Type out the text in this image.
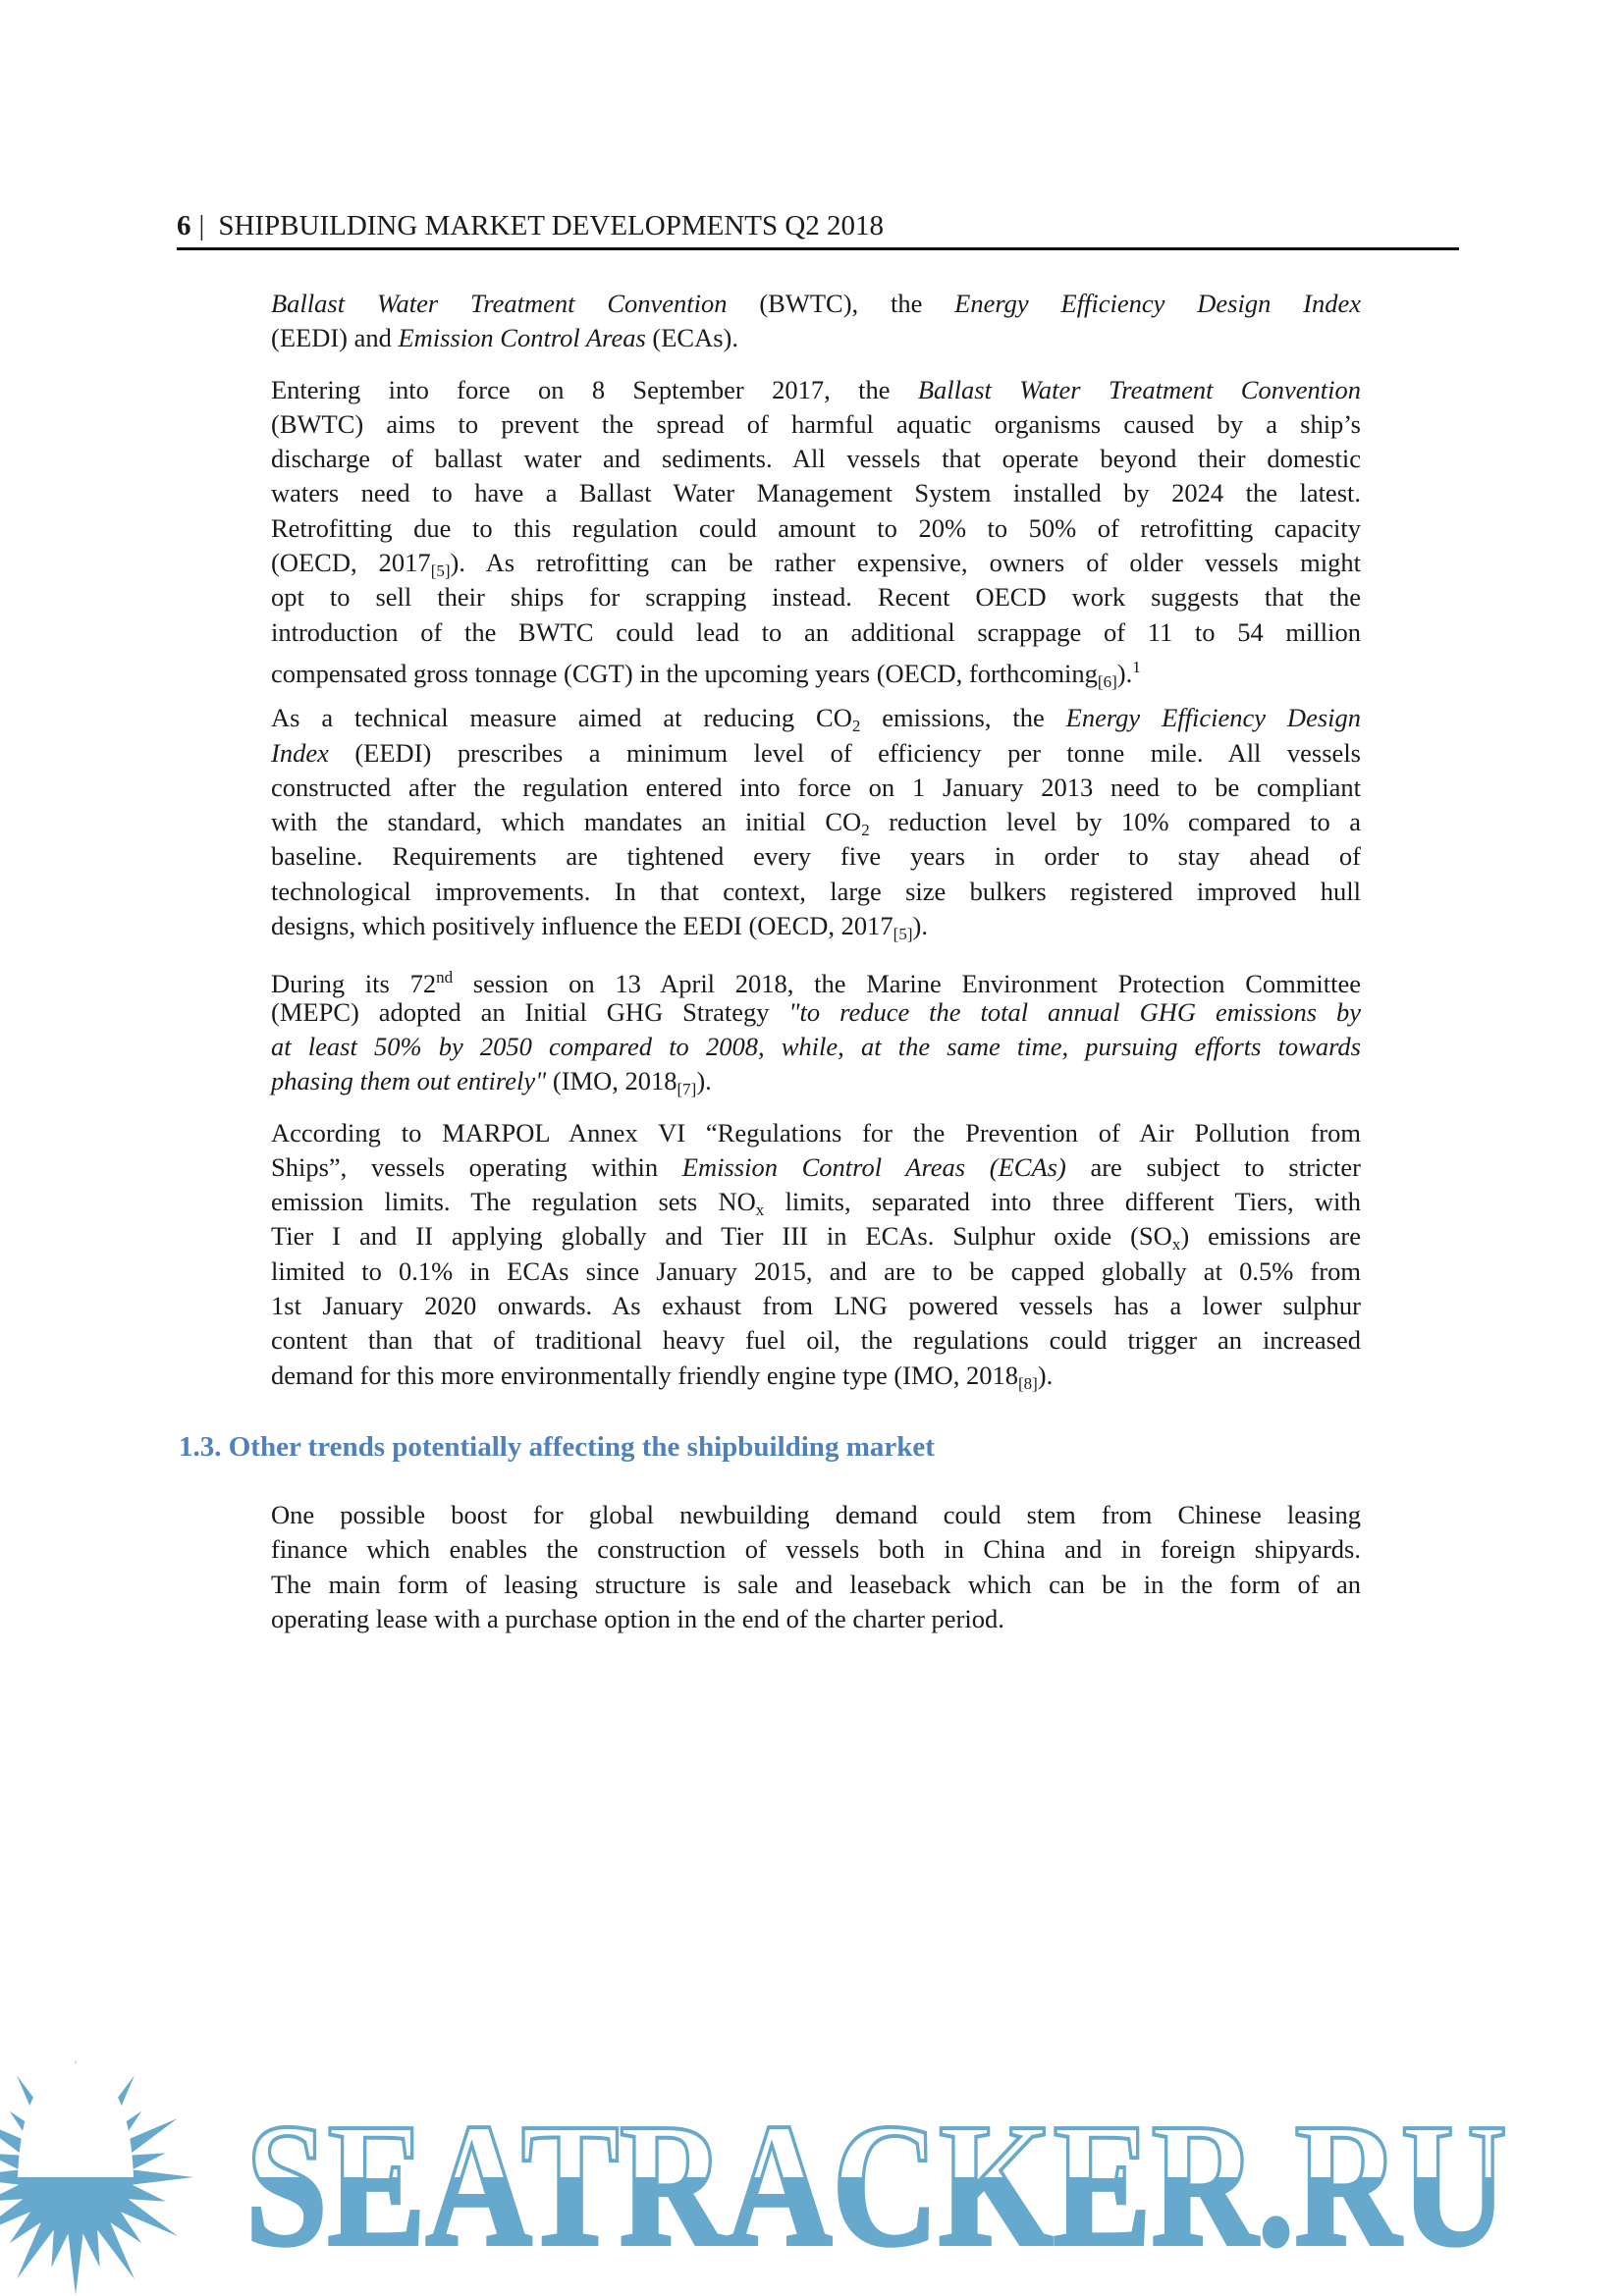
6 | SHIPBUILDING MARKET DEVELOPMENTS Q2 2018
Ballast Water Treatment Convention (BWTC), the Energy Efficiency Design Index
(EEDI) and Emission Control Areas (ECAs).
Entering into force on 8 September 2017, the Ballast Water Treatment Convention
(BWTC) aims to prevent the spread of harmful aquatic organisms caused by a ship’s
discharge of ballast water and sediments. All vessels that operate beyond their domestic
waters need to have a Ballast Water Management System installed by 2024 the latest.
Retrofitting due to this regulation could amount to 20% to 50% of retrofitting capacity
(OECD, $2017_{[5]}$). As retrofitting can be rather expensive, owners of older vessels might
opt to sell their ships for scrapping instead. Recent OECD work suggests that the
introduction of the BWTC could lead to an additional scrappage of 11 to 54 million
compensated gross tonnage (CGT) in the upcoming years (OECD, forthcoming$_{[6]}$).$^1$
As a technical measure aimed at reducing $CO_2$ emissions, the Energy Efficiency Design
Index (EEDI) prescribes a minimum level of efficiency per tonne mile. All vessels
constructed after the regulation entered into force on 1 January 2013 need to be compliant
with the standard, which mandates an initial $CO_2$ reduction level by 10% compared to a
baseline. Requirements are tightened every five years in order to stay ahead of
technological improvements. In that context, large size bulkers registered improved hull
designs, which positively influence the EEDI (OECD, $2017_{[5]}$).
During its 72nd session on 13 April 2018, the Marine Environment Protection Committee
(MEPC) adopted an Initial GHG Strategy "to reduce the total annual GHG emissions by
at least 50% by 2050 compared to 2008, while, at the same time, pursuing efforts towards
phasing them out entirely" (IMO, $2018_{[7]}$).
According to MARPOL Annex VI “Regulations for the Prevention of Air Pollution from
Ships”, vessels operating within Emission Control Areas (ECAs) are subject to stricter
emission limits. The regulation sets $NO_x$ limits, separated into three different Tiers, with
Tier I and II applying globally and Tier III in ECAs. Sulphur oxide $(SO_x)$ emissions are
limited to 0.1% in ECAs since January 2015, and are to be capped globally at 0.5% from
1st January 2020 onwards. As exhaust from LNG powered vessels has a lower sulphur
content than that of traditional heavy fuel oil, the regulations could trigger an increased
demand for this more environmentally friendly engine type (IMO, $2018_{[8]}$).
1.3. Other trends potentially affecting the shipbuilding market
One possible boost for global newbuilding demand could stem from Chinese leasing
finance which enables the construction of vessels both in China and in foreign shipyards.
The main form of leasing structure is sale and leaseback which can be in the form of an
operating lease with a purchase option in the end of the charter period.
SEATRACKER.RU
